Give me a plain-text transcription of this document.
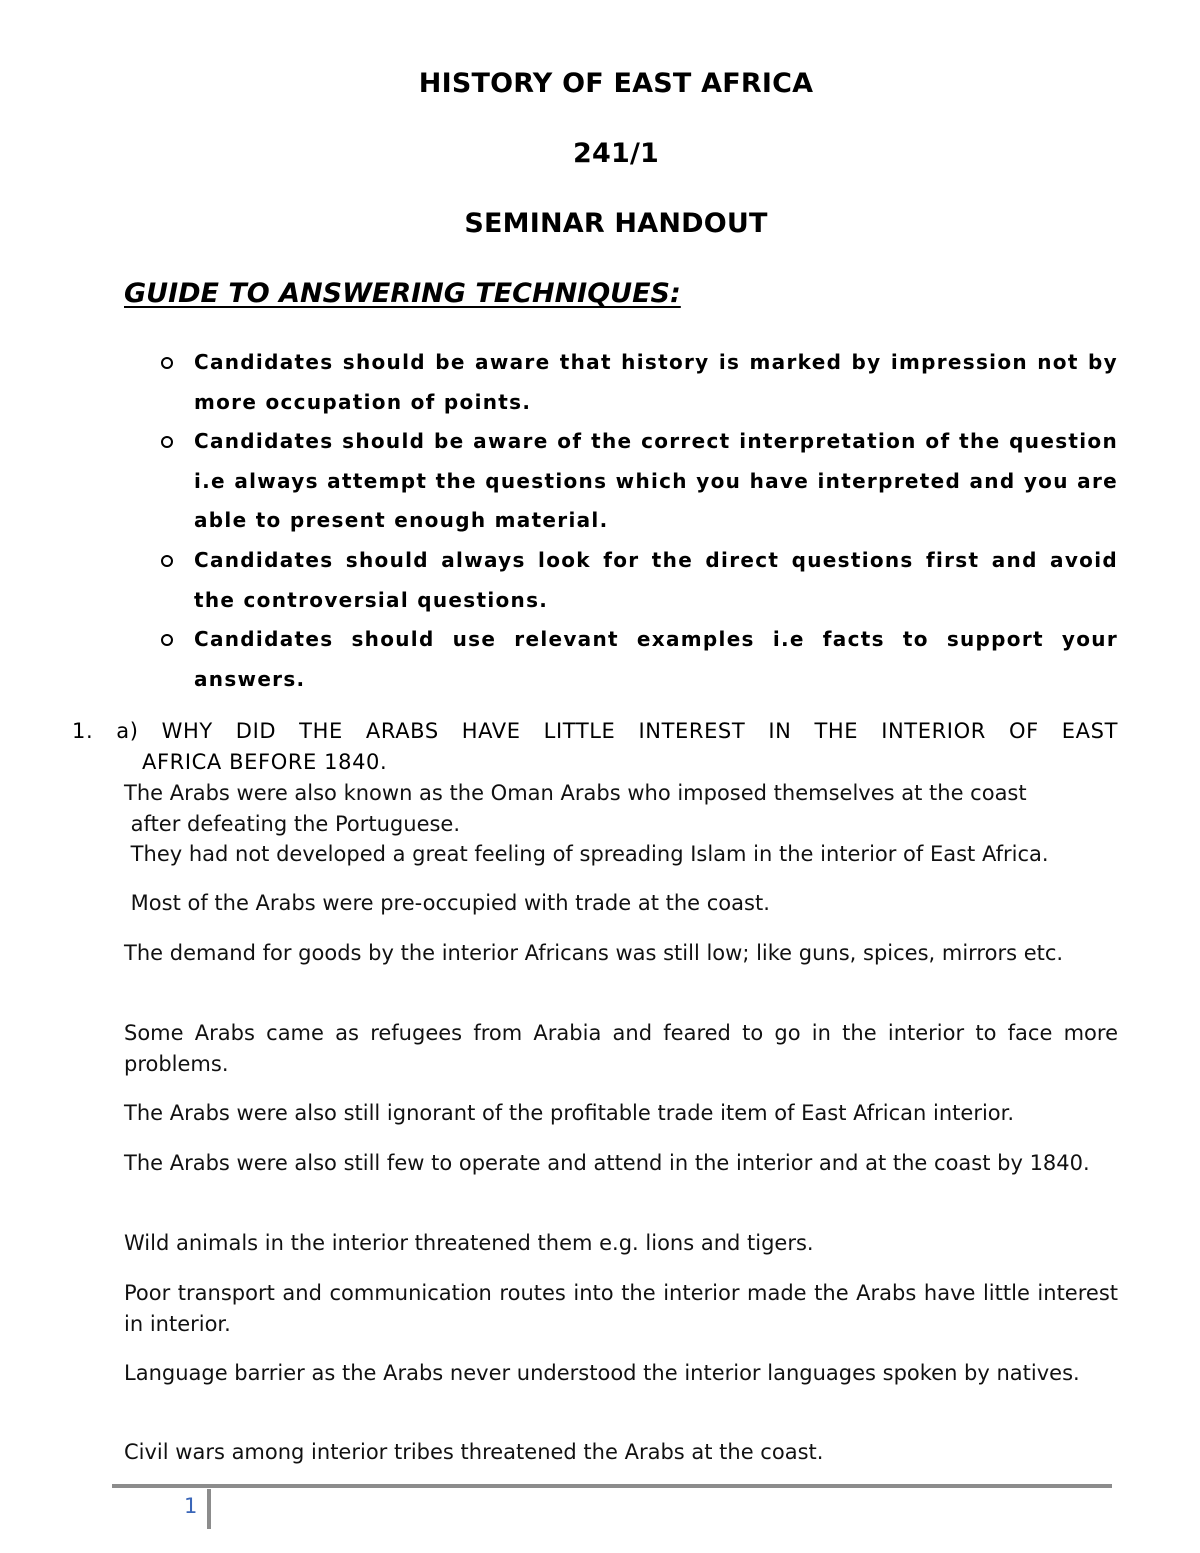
HISTORY OF EAST AFRICA
241/1
SEMINAR HANDOUT
GUIDE TO ANSWERING TECHNIQUES:
Candidates should be aware that history is marked by impression not by more occupation of points.
Candidates should be aware of the correct interpretation of the question i.e always attempt the questions which you have interpreted and you are able to present enough material.
Candidates should always look for the direct questions first and avoid the controversial questions.
Candidates should use relevant examples i.e facts to support your answers.
1. a) WHY DID THE ARABS HAVE LITTLE INTEREST IN THE INTERIOR OF EAST
AFRICA BEFORE 1840.

The Arabs were also known as the Oman Arabs who imposed themselves at the coast

after defeating the Portuguese.

They had not developed a great feeling of spreading Islam in the interior of East Africa.

Most of the Arabs were pre-occupied with trade at the coast.

The demand for goods by the interior Africans was still low; like guns, spices, mirrors etc.

Some Arabs came as refugees from Arabia and feared to go in the interior to face more problems.

The Arabs were also still ignorant of the profitable trade item of East African interior.

The Arabs were also still few to operate and attend in the interior and at the coast by 1840.

Wild animals in the interior threatened them e.g. lions and tigers.

Poor transport and communication routes into the interior made the Arabs have little interest in interior.

Language barrier as the Arabs never understood the interior languages spoken by natives.

Civil wars among interior tribes threatened the Arabs at the coast.

1
